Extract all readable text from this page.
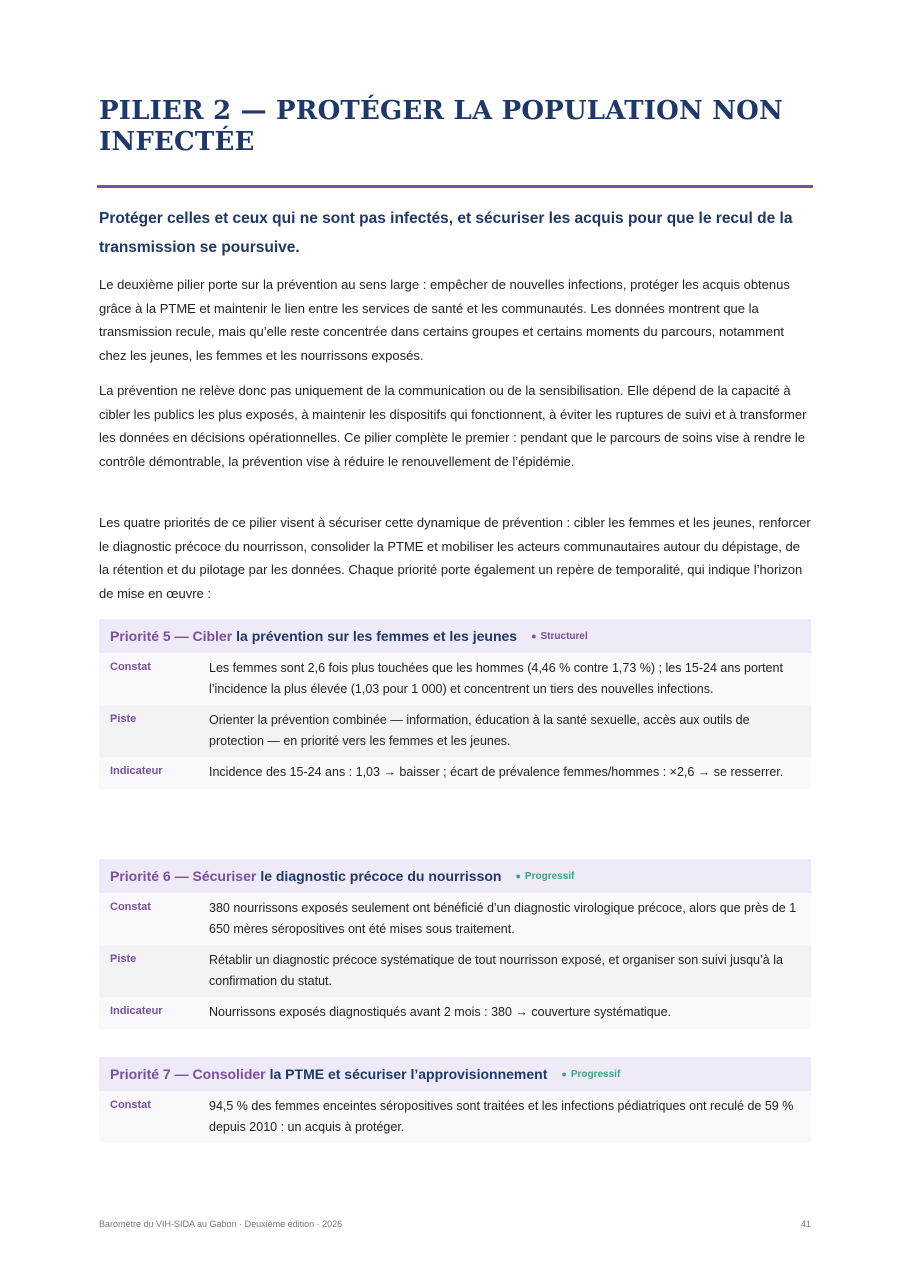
PILIER 2 — PROTÉGER LA POPULATION NON INFECTÉE
Protéger celles et ceux qui ne sont pas infectés, et sécuriser les acquis pour que le recul de la transmission se poursuive.

Le deuxième pilier porte sur la prévention au sens large : empêcher de nouvelles infections, protéger les acquis obtenus grâce à la PTME et maintenir le lien entre les services de santé et les communautés. Les données montrent que la transmission recule, mais qu’elle reste concentrée dans certains groupes et certains moments du parcours, notamment chez les jeunes, les femmes et les nourrissons exposés.

La prévention ne relève donc pas uniquement de la communication ou de la sensibilisation. Elle dépend de la capacité à cibler les publics les plus exposés, à maintenir les dispositifs qui fonctionnent, à éviter les ruptures de suivi et à transformer les données en décisions opérationnelles. Ce pilier complète le premier : pendant que le parcours de soins vise à rendre le contrôle démontrable, la prévention vise à réduire le renouvellement de l’épidémie.

Les quatre priorités de ce pilier visent à sécuriser cette dynamique de prévention : cibler les femmes et les jeunes, renforcer le diagnostic précoce du nourrisson, consolider la PTME et mobiliser les acteurs communautaires autour du dépistage, de la rétention et du pilotage par les données. Chaque priorité porte également un repère de temporalité, qui indique l’horizon de mise en œuvre :

Priorité 5 —
Cibler la prévention sur les femmes et les jeunes ● Structurel
Constat	Les femmes sont 2,6 fois plus touchées que les hommes (4,46 % contre 1,73 %) ; les 15-24 ans portent l’incidence la plus élevée (1,03 pour 1 000) et concentrent un tiers des nouvelles infections.
Piste	Orienter la prévention combinée — information, éducation à la santé sexuelle, accès aux outils de protection — en priorité vers les femmes et les jeunes.
Indicateur	Incidence des 15-24 ans : 1,03 → baisser ; écart de prévalence femmes/hommes : ×2,6 → se resserrer.
Priorité 6 —
Sécuriser le diagnostic précoce du nourrisson ● Progressif
Constat	380 nourrissons exposés seulement ont bénéficié d’un diagnostic virologique précoce, alors que près de 1 650 mères séropositives ont été mises sous traitement.
Piste	Rétablir un diagnostic précoce systématique de tout nourrisson exposé, et organiser son suivi jusqu’à la confirmation du statut.
Indicateur	Nourrissons exposés diagnostiqués avant 2 mois : 380 → couverture systématique.
Priorité 7 —
Consolider la PTME et sécuriser l’approvisionnement ● Progressif
Constat	94,5 % des femmes enceintes séropositives sont traitées et les infections pédiatriques ont reculé de 59 % depuis 2010 : un acquis à protéger.
Baromètre du VIH-SIDA au Gabon · Deuxième édition · 2026	41
